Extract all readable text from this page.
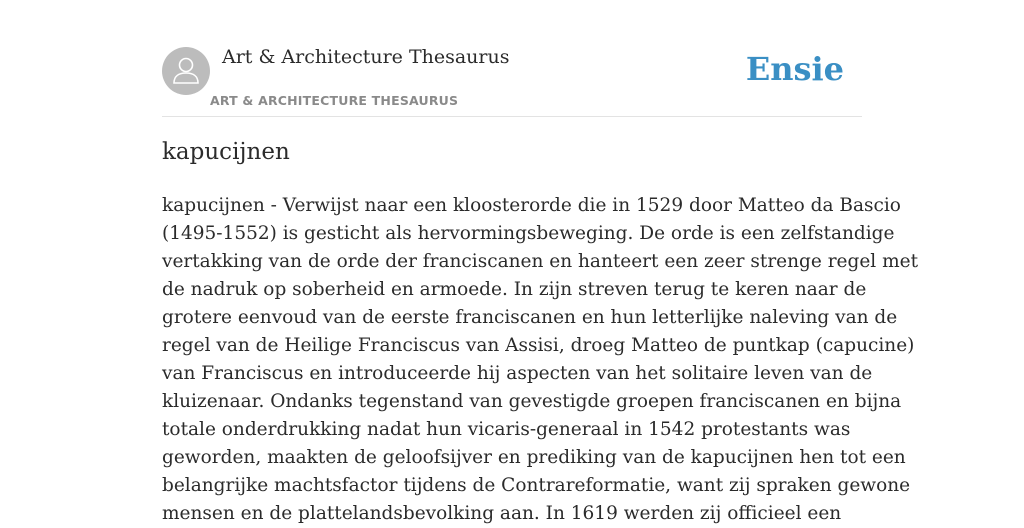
Art & Architecture Thesaurus
ART & ARCHITECTURE THESAURUS
Ensie
kapucijnen
kapucijnen - Verwijst naar een kloosterorde die in 1529 door Matteo da Bascio
(1495-1552) is gesticht als hervormingsbeweging. De orde is een zelfstandige
vertakking van de orde der franciscanen en hanteert een zeer strenge regel met
de nadruk op soberheid en armoede. In zijn streven terug te keren naar de
grotere eenvoud van de eerste franciscanen en hun letterlijke naleving van de
regel van de Heilige Franciscus van Assisi, droeg Matteo de puntkap (capucine)
van Franciscus en introduceerde hij aspecten van het solitaire leven van de
kluizenaar. Ondanks tegenstand van gevestigde groepen franciscanen en bijna
totale onderdrukking nadat hun vicaris-generaal in 1542 protestants was
geworden, maakten de geloofsijver en prediking van de kapucijnen hen tot een
belangrijke machtsfactor tijdens de Contrareformatie, want zij spraken gewone
mensen en de plattelandsbevolking aan. In 1619 werden zij officieel een
